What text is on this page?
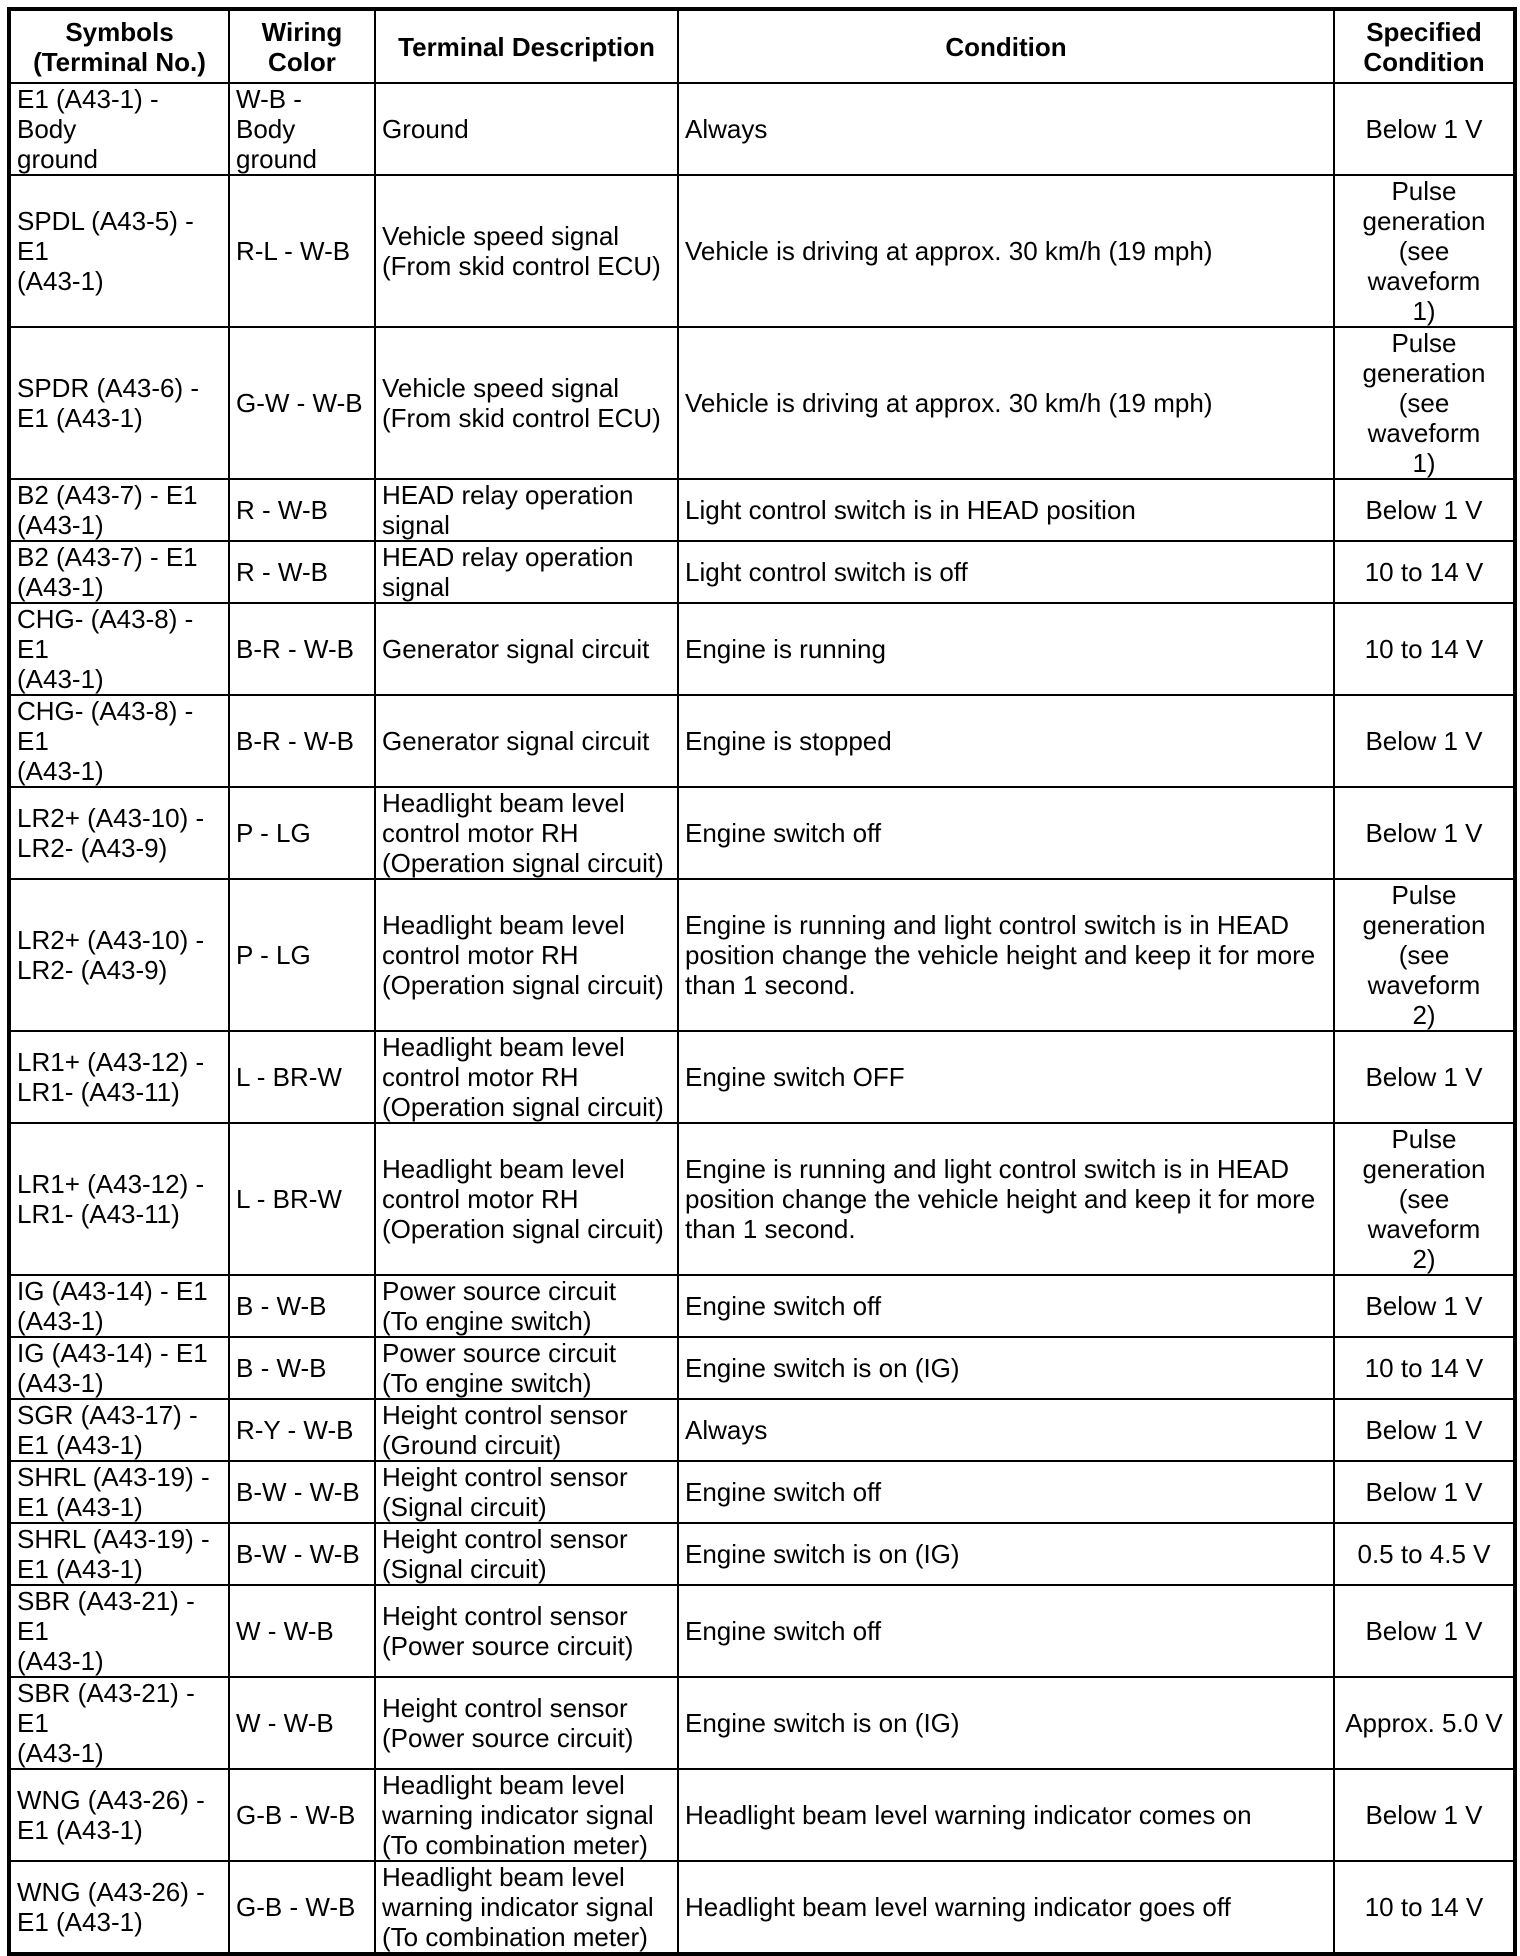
Symbols (Terminal No.)	Wiring Color	Terminal Description	Condition	Specified Condition
E1 (A43-1) - Body
ground	W-B - Body
ground	Ground	Always	Below 1 V
SPDL (A43-5) - E1
(A43-1)	R-L - W-B	Vehicle speed signal
(From skid control ECU)	Vehicle is driving at approx. 30 km/h (19 mph)	Pulse
generation
(see waveform
1)
SPDR (A43-6) -
E1 (A43-1)	G-W - W-B	Vehicle speed signal
(From skid control ECU)	Vehicle is driving at approx. 30 km/h (19 mph)	Pulse
generation
(see waveform
1)
B2 (A43-7) - E1
(A43-1)	R - W-B	HEAD relay operation
signal	Light control switch is in HEAD position	Below 1 V
B2 (A43-7) - E1
(A43-1)	R - W-B	HEAD relay operation
signal	Light control switch is off	10 to 14 V
CHG- (A43-8) - E1
(A43-1)	B-R - W-B	Generator signal circuit	Engine is running	10 to 14 V
CHG- (A43-8) - E1
(A43-1)	B-R - W-B	Generator signal circuit	Engine is stopped	Below 1 V
LR2+ (A43-10) -
LR2- (A43-9)	P - LG	Headlight beam level
control motor RH
(Operation signal circuit)	Engine switch off	Below 1 V
LR2+ (A43-10) -
LR2- (A43-9)	P - LG	Headlight beam level
control motor RH
(Operation signal circuit)	Engine is running and light control switch is in HEAD
position change the vehicle height and keep it for more
than 1 second.	Pulse
generation
(see waveform
2)
LR1+ (A43-12) -
LR1- (A43-11)	L - BR-W	Headlight beam level
control motor RH
(Operation signal circuit)	Engine switch OFF	Below 1 V
LR1+ (A43-12) -
LR1- (A43-11)	L - BR-W	Headlight beam level
control motor RH
(Operation signal circuit)	Engine is running and light control switch is in HEAD
position change the vehicle height and keep it for more
than 1 second.	Pulse
generation
(see waveform
2)
IG (A43-14) - E1
(A43-1)	B - W-B	Power source circuit
(To engine switch)	Engine switch off	Below 1 V
IG (A43-14) - E1
(A43-1)	B - W-B	Power source circuit
(To engine switch)	Engine switch is on (IG)	10 to 14 V
SGR (A43-17) -
E1 (A43-1)	R-Y - W-B	Height control sensor
(Ground circuit)	Always	Below 1 V
SHRL (A43-19) -
E1 (A43-1)	B-W - W-B	Height control sensor
(Signal circuit)	Engine switch off	Below 1 V
SHRL (A43-19) -
E1 (A43-1)	B-W - W-B	Height control sensor
(Signal circuit)	Engine switch is on (IG)	0.5 to 4.5 V
SBR (A43-21) - E1
(A43-1)	W - W-B	Height control sensor
(Power source circuit)	Engine switch off	Below 1 V
SBR (A43-21) - E1
(A43-1)	W - W-B	Height control sensor
(Power source circuit)	Engine switch is on (IG)	Approx. 5.0 V
WNG (A43-26) -
E1 (A43-1)	G-B - W-B	Headlight beam level
warning indicator signal
(To combination meter)	Headlight beam level warning indicator comes on	Below 1 V
WNG (A43-26) -
E1 (A43-1)	G-B - W-B	Headlight beam level
warning indicator signal
(To combination meter)	Headlight beam level warning indicator goes off	10 to 14 V
